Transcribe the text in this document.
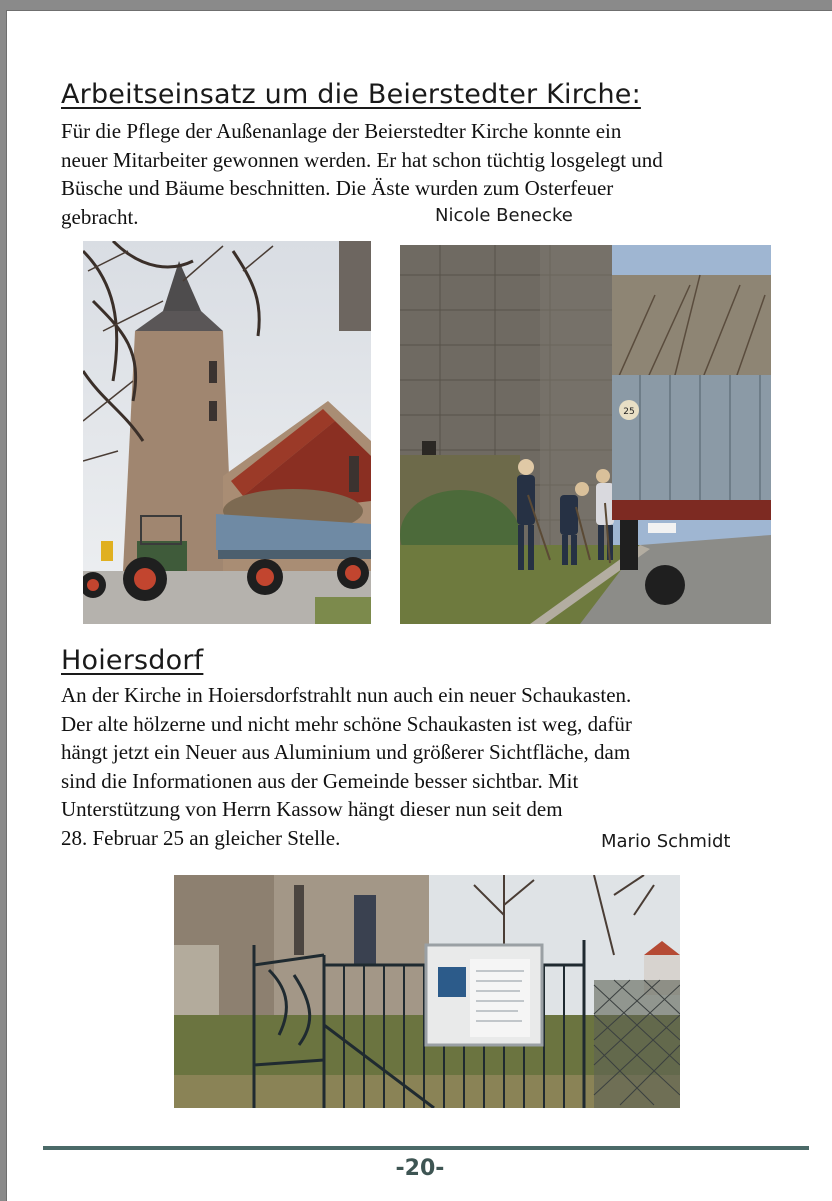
Arbeitseinsatz um die Beierstedter Kirche:
Für die Pflege der Außenanlage der Beierstedter Kirche konnte ein
neuer Mitarbeiter gewonnen werden. Er hat schon tüchtig losgelegt und
Büsche und Bäume beschnitten. Die Äste wurden zum Osterfeuer
gebracht.	Nicole Benecke
25
Hoiersdorf
An der Kirche in Hoiersdorfstrahlt nun auch ein neuer Schaukasten.
Der alte hölzerne und nicht mehr schöne Schaukasten ist weg, dafür
hängt jetzt ein Neuer aus Aluminium und größerer Sichtfläche, dam
sind die Informationen aus der Gemeinde besser sichtbar. Mit
Unterstützung von Herrn Kassow hängt dieser nun seit dem
28. Februar 25 an gleicher Stelle.	Mario Schmidt
-20-
